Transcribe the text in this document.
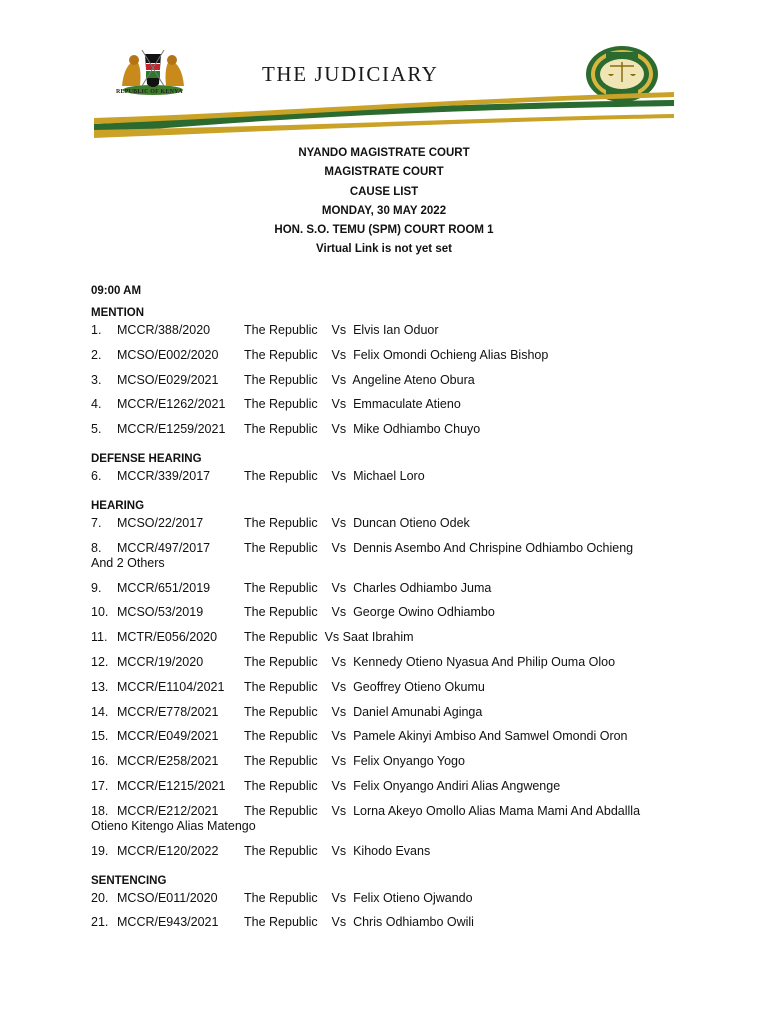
REPUBLIC OF KENYA
THE JUDICIARY
NYANDO MAGISTRATE COURT
MAGISTRATE COURT
CAUSE LIST
MONDAY, 30 MAY 2022
HON. S.O. TEMU (SPM) COURT ROOM 1
Virtual Link is not yet set
09:00 AM
MENTION
1. MCCR/388/2020	The Republic    Vs  Elvis Ian Oduor
2. MCSO/E002/2020 The Republic    Vs  Felix Omondi Ochieng Alias Bishop
3. MCSO/E029/2021 The Republic    Vs  Angeline Ateno Obura
4. MCCR/E1262/2021 The Republic    Vs  Emmaculate Atieno
5. MCCR/E1259/2021 The Republic    Vs  Mike Odhiambo Chuyo
DEFENSE HEARING
6. MCCR/339/2017	The Republic    Vs  Michael Loro
HEARING
7. MCSO/22/2017	The Republic    Vs  Duncan Otieno Odek
8. MCCR/497/2017	The Republic    Vs  Dennis Asembo And Chrispine Odhiambo Ochieng
And 2 Others
9. MCCR/651/2019	The Republic    Vs  Charles Odhiambo Juma
10. MCSO/53/2019	The Republic    Vs  George Owino Odhiambo
11. MCTR/E056/2020 The Republic  Vs Saat Ibrahim
12. MCCR/19/2020	The Republic    Vs  Kennedy Otieno Nyasua And Philip Ouma Oloo
13. MCCR/E1104/2021 The Republic    Vs  Geoffrey Otieno Okumu
14. MCCR/E778/2021 The Republic    Vs  Daniel Amunabi Aginga
15. MCCR/E049/2021 The Republic    Vs  Pamele Akinyi Ambiso And Samwel Omondi Oron
16. MCCR/E258/2021 The Republic    Vs  Felix Onyango Yogo
17. MCCR/E1215/2021 The Republic    Vs  Felix Onyango Andiri Alias Angwenge
18. MCCR/E212/2021 The Republic    Vs  Lorna Akeyo Omollo Alias Mama Mami And Abdallla
Otieno Kitengo Alias Matengo
19. MCCR/E120/2022 The Republic    Vs  Kihodo Evans
SENTENCING
20. MCSO/E011/2020 The Republic    Vs  Felix Otieno Ojwando
21. MCCR/E943/2021 The Republic    Vs  Chris Odhiambo Owili
